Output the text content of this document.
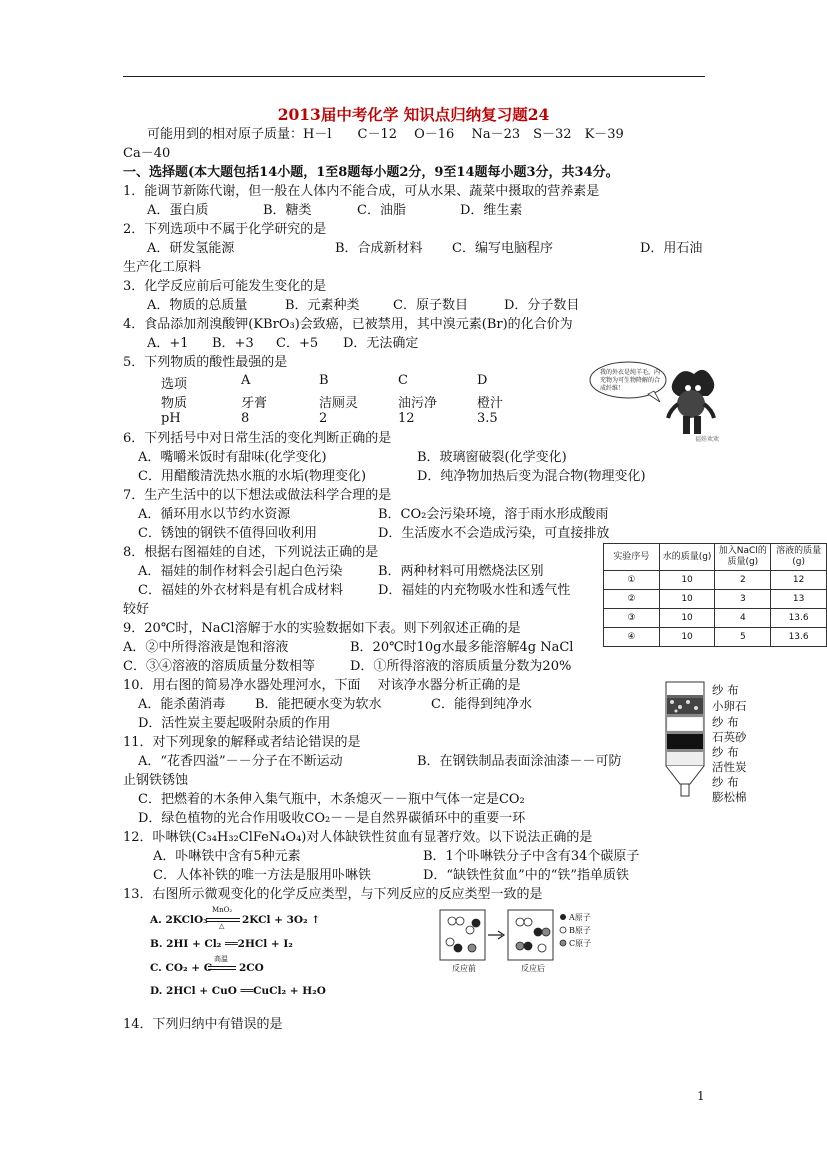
2013届中考化学 知识点归纳复习题24
可能用到的相对原子质量：H－l　　C－12　 O－16　 Na－23　S－32　K－39
Ca－40
一、选择题(本大题包括14小题，1至8题每小题2分，9至14题每小题3分，共34分。
1．能调节新陈代谢，但一般在人体内不能合成，可从水果、蔬菜中摄取的营养素是
A．蛋白质	B．糖类	C．油脂	D．维生素
2．下列选项中不属于化学研究的是
A．研发氢能源	B．合成新材料 C．编写电脑程序	D．用石油
生产化工原料
3．化学反应前后可能发生变化的是
A．物质的总质量	B．元素种类	C．原子数目	D．分子数目
4．食品添加剂溴酸钾(KBrO₃)会致癌，已被禁用，其中溴元素(Br)的化合价为
A．+1 B．+3 C．+5 D．无法确定
5．下列物质的酸性最强的是
选项	A	B	C	D
物质	牙膏	洁厕灵	油污净	橙汁
pH	8	2	12	3.5
我的外衣是纯羊毛，内充物为可生物降解的合成纤维！
福娃欢欢
6．下列括号中对日常生活的变化判断正确的是
A．嘴嚼米饭时有甜味(化学变化)	B．玻璃窗破裂(化学变化)
C．用醋酸清洗热水瓶的水垢(物理变化)	D．纯净物加热后变为混合物(物理变化)
7．生产生活中的以下想法或做法科学合理的是
A．循环用水以节约水资源	B．CO₂会污染环境，溶于雨水形成酸雨
C．锈蚀的钢铁不值得回收利用	D．生活废水不会造成污染，可直接排放
8．根据右图福娃的自述，下列说法正确的是
A．福娃的制作材料会引起白色污染	B．两种材料可用燃烧法区别
C．福娃的外衣材料是有机合成材料	D．福娃的内充物吸水性和透气性
较好
实验序号	水的质量(g)	加入NaCl的质量(g)	溶液的质量(g)
①	10	2	12
②	10	3	13
③	10	4	13.6
④	10	5	13.6
9．20℃时，NaCl溶解于水的实验数据如下表。则下列叙述正确的是
A．②中所得溶液是饱和溶液	B．20℃时10g水最多能溶解4g NaCl
C．③④溶液的溶质质量分数相等	D．①所得溶液的溶质质量分数为20%
10．用右图的简易净水器处理河水，下面　 对该净水器分析正确的是
A．能杀菌消毒 B．能把硬水变为软水	C．能得到纯净水
D．活性炭主要起吸附杂质的作用
纱 布
小卵石
纱 布
石英砂
纱 布
活性炭
纱 布
膨松棉
11．对下列现象的解释或者结论错误的是
A．“花香四溢”－－分子在不断运动	B．在钢铁制品表面涂油漆－－可防
止钢铁锈蚀
C．把燃着的木条伸入集气瓶中，木条熄灭－－瓶中气体一定是CO₂
D．绿色植物的光合作用吸收CO₂－－是自然界碳循环中的重要一环
12．卟啉铁(C₃₄H₃₂ClFeN₄O₄)对人体缺铁性贫血有显著疗效。以下说法正确的是
A．卟啉铁中含有5种元素	B．1个卟啉铁分子中含有34个碳原子
C．人体补铁的唯一方法是服用卟啉铁	D．“缺铁性贫血”中的“铁”指单质铁
13．右图所示微观变化的化学反应类型，与下列反应的反应类型一致的是
A. 2KClO₃
MnO₂
△ 2KCl + 3O₂ ↑
B. 2HI + Cl₂ ══2HCl + I₂
C. CO₂ + C
高温
2CO
D. 2HCl + CuO ══CuCl₂ + H₂O
反应前	反应后
A原子
B原子
C原子
14．下列归纳中有错误的是
1
